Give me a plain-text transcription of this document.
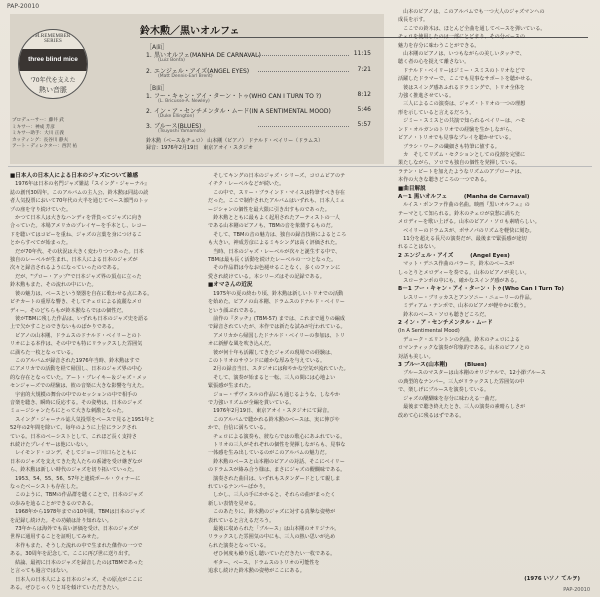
PAP-20010
PAP-20010
T.B.M.REMEMBER '70s SERIES
three blind mice
'70年代を支えた
熱い音脈
プロデューサー：藤井 武
ミキサー：神成 芳彦
ミキサー助手：大川 正義
カッティング：長谷川 静夫
アート・ディレクター：西沢 祐
鈴木勲／黒いオルフェ
［A面］
1. 黒いオルフェ(MANHA DE CARNAVAL)	11:15
(Luiz Bonfa)
2. エンジェル・アイズ(ANGEL EYES)	7:21
(Matt Dennis-Earl Brent)
［B面］
1. フー・キャン・アイ・ターン・トゥ(WHO CAN I TURN TO ?)	8:12
(L. Bricusse-A. Newley)
2. イン・ア・センチメンタル・ムード(IN A SENTIMENTAL MOOD)	5:46
(Duke Ellington)
3. ブルース(BLUES)	5:57
(Tsuyoshi Yamamoto)
鈴木勲（ベース＆チェロ） 山本剛（ピアノ） ドナルド・ベイリー（ドラムス）
録音：1976年2月19日　東京アオイ・スタジオ
■日本人の日本人による日本のジャズについて雑感
　1976年は日本の名門ジャズ雑誌『スイング・ジャーナル』
誌の創刊30周年。このアルバムの主人公、鈴木勲は同誌の読
者人気投票において70年代の大半を通じてベース部門のトッ
プの座を守り続けていた。
　かつて日本人は大きなハンディを背負ってジャズに向き
合っていた。本場アメリカのプレイヤーを手本とし、レコー
ドを聴いてはコピーを重ね、ジャズの言葉を身につけるこ
とからすべてが始まった。
　だが70年代、その状況は大きく変わりつつあった。日本
独自のレーベルが生まれ、日本人による日本のジャズが
次々と録音されるようになっていったのである。
　だが、"プロー・アップ"で日本ジャズ界の頂点に立った
鈴木勲もまた、その流れの中にいた。
　彼の魅力は、ベースという楽器を自在に歌わせる点にある。
ピチカートの重厚な響き、そしてチェロによる流麗なメロ
ディー。そのどちらもが鈴木勲ならではの個性だ。
　彼がTBMに残した作品は、いずれも日本のジャズ史を語る
上で欠かすことのできないものばかりである。
　ピアノの山本剛、ドラムスのドナルド・ベイリーとのト
リオによる本作は、その中でも特にリラックスした雰囲気
に満ちた一枚となっている。
　このアルバムが録音された1976年当時、鈴木勲はすで
にアメリカでの活動を経て帰国し、日本のジャズ界の中心
的な存在となっていた。アート・ブレイキー＆ジャズ・メッ
センジャーズでの経験は、彼の音楽に大きな影響を与えた。
　宇宙的大規模の舞台の中でのセッションの中で相手の
音楽を聴き、瞬時に反応する。その姿勢は、日本のジャズ
ミュージシャンたちにとって大きな刺激となった。
　スイング・ジャーナル誌人気投票をベースで見ると1951年と
52年の2年間を除いて、毎年のように上位にランクされ
ている。日本のベーシストとして、これほど長く支持さ
れ続けたプレイヤーは他にいない。
　レイモンド・コンデ、そしてジョージ川口らとともに
日本のジャズを支えてきた先人たちの系譜を受け継ぎなが
ら、鈴木勲は新しい時代のジャズを切り拓いていった。
　1953、54、55、56、57年と連続ポール・ウィナーに
なったベーシストも存在した。
　このように、TBMの作品群を聴くことで、日本のジャズ
の歩みを辿ることができるのである。
　1968年から1978年までの10年間、TBMは日本のジャズ
を記録し続けた。その功績は計り知れない。
　73年からは海外でも高い評価を受け、日本のジャズが
世界に通用することを証明してみせた。
　本作もまた、そうした流れの中で生まれた傑作の一つで
ある。30周年を記念して、ここに再び世に送り出す。
　結論、最初に日本のジャズを録音したのはTBMであった
と言っても過言ではない。
　日本人の日本人による日本のジャズ、その原点がここに
ある。ぜひじっくりと耳を傾けていただきたい。
　そしてキングの日本のジャズ・シリーズ、コロムビアのテ
イチク・レーベルなどが続いた。
　この中で、スリー・ブラインド・マイスは特筆すべき存在
だった。ここで制作されたアルバムはいずれも、日本人ミュ
ージシャンの個性を最大限に引き出すものであった。
　鈴木勲とともに最もよく起用されたアーティストの一人
である山本剛のピアノも、TBMの音を象徴するものだ。
　そして、TBMの音の魅力は、独自の録音技術によるところ
も大きい。神成芳彦によるミキシングは高く評価された。
　当時、日本のジャズ・レーベルが次々と誕生する中で、
TBMは最も長く活動を続けたレーベルの一つとなった。
　その作品群は今なお色褪せることなく、多くのファンに
愛され続けている。本シリーズはその記録である。
■オマさんの近況
　1975年の夏の終わり頃、鈴木勲は新しいトリオでの活動
を始めた。ピアノの山本剛、ドラムスのドナルド・ベイリー
という顔ぶれである。
　前作の『タッチ』(TBM-57) までは、これまで通りの編成
で録音されていたが、本作では新たな試みが行われている。
　アメリカから帰国したドナルド・ベイリーの参加は、トリ
オに新鮮な風を吹き込んだ。
　彼が何十年も活躍してきたジャズの現場での経験は、
このトリオのサウンドに確かな厚みを与えている。
　2月の録音当日、スタジオには和やかな空気が流れていた。
　そして、演奏が始まると一転、三人の間には心地よい
緊張感が生まれた。
　ジョー・ザヴィヌルの作品にも通じるような、しなやか
で力強いリズムが全編を貫いている。
　1976年2月19日、東京アオイ・スタジオにて録音。
　このアルバムで聴かれる鈴木勲のベースは、実に伸びや
かで、自信に満ちている。
　チェロによる演奏も、彼ならではの歌心にあふれている。
　トリオの三人がそれぞれの個性を発揮しながらも、見事な
一体感を生み出しているのがこのアルバムの魅力だ。
　鈴木勲のベースと山本剛のピアノの対話、そこにベイリー
のドラムスが絡み合う様は、まさにジャズの醍醐味である。
　演奏された曲目は、いずれもスタンダードとして親しま
れているナンバーばかり。
　しかし、三人の手にかかると、それらの曲がまったく
新しい表情を見せる。
　このあたりに、鈴木勲のジャズに対する真摯な姿勢が
表れていると言えるだろう。
　最後に収められた「ブルース」は山本剛のオリジナル。
リラックスした雰囲気の中にも、三人の熱い思いが込め
られた演奏となっている。
　ぜひ何度も繰り返し聴いていただきたい一枚である。
　ギター、ベース、ドラムスのトリオの可能性を
追求し続けた鈴木勲の姿勢がここにある。
　山本のピアノは、このアルバムでも一つ大人のジャズマンへの
成長を示す。
　ここでの鈴木は、ほとんど全曲を通してベースを弾いている。
チェロを使用したのは一部にとどまり、その分ベースの
魅力を存分に味わうことができる。
　山本剛のピアノは、いつもながらの美しいタッチで、
聴く者の心を捉えて離さない。
　ドナルド・ベイリーはジミー・スミスのトリオなどで
活躍したドラマーで、ここでも見事なサポートを聴かせる。
　彼はスイング感あふれるドラミングで、トリオ全体を
力強く推進させている。
　三人によるこの演奏は、ジャズ・トリオの一つの理想
形を示していると言えるだろう。
　ジミー・スミスとの共演で知られるベイリーは、ハモ
ンド・オルガンのトリオでの経験を生かしながら、
ピアノ・トリオでも見事なプレイを聴かせている。
　ブラシ・ワークの繊細さも特筆に値する。
　カ　そしてリズム・セクションとしての役割を完璧に
果たしながら、ソロでも独自の個性を発揮している。
ラテン・ビートを加えたようなリズムのアプローチは、
本作の大きな聴きどころの一つである。
■曲目解説
A－1 黒いオルフェ　　　(Manha de Carnaval)
　ルイス・ボンファ作曲の名曲。映画『黒いオルフェ』の
テーマとして知られる。鈴木のチェロが哀愁に満ちた
メロディーを歌い上げる。山本のピアノ・ソロも素晴らしい。
　ベイリーのドラムスが、ボサノバのリズムを軽快に刻む。
　11分を超える長尺の演奏だが、最後まで緊張感が途切
れることはない。
2 エンジェル・アイズ　　　(Angel Eyes)
　マット・デニス作曲のバラード。鈴木のベースが
しっとりとメロディーを奏でる。山本のピアノが美しい。
　スローテンポの中にも、確かなスイング感がある。
B－1 フー・キャン・アイ・ターン・トゥ(Who Can I Turn To)
　レスリー・ブリッカスとアンソニー・ニューリーの作品。
　ミディアム・テンポで、山本のピアノが軽やかに歌う。
　鈴木のベース・ソロも聴きどころだ。
2 イン・ア・センチメンタル・ムード
(In A Sentimental Mood)
　デューク・エリントンの名曲。鈴木のチェロによる
ロマンティックな演奏が印象的である。山本のピアノとの
対話も美しい。
3 ブルース(山本剛)　　　(Blues)
　ブルースのマスターは山本剛のオリジナルで、12小節ブルース
の典型的なナンバー。三人がリラックスした雰囲気の中
で、楽しげにブルースを演奏している。
　ジャズの醍醐味を存分に味わえる一曲だ。
　最後まで聴き終えたとき、三人の演奏の素晴らしさが
改めて心に残るはずである。
(1976 いソノ てルヲ)
